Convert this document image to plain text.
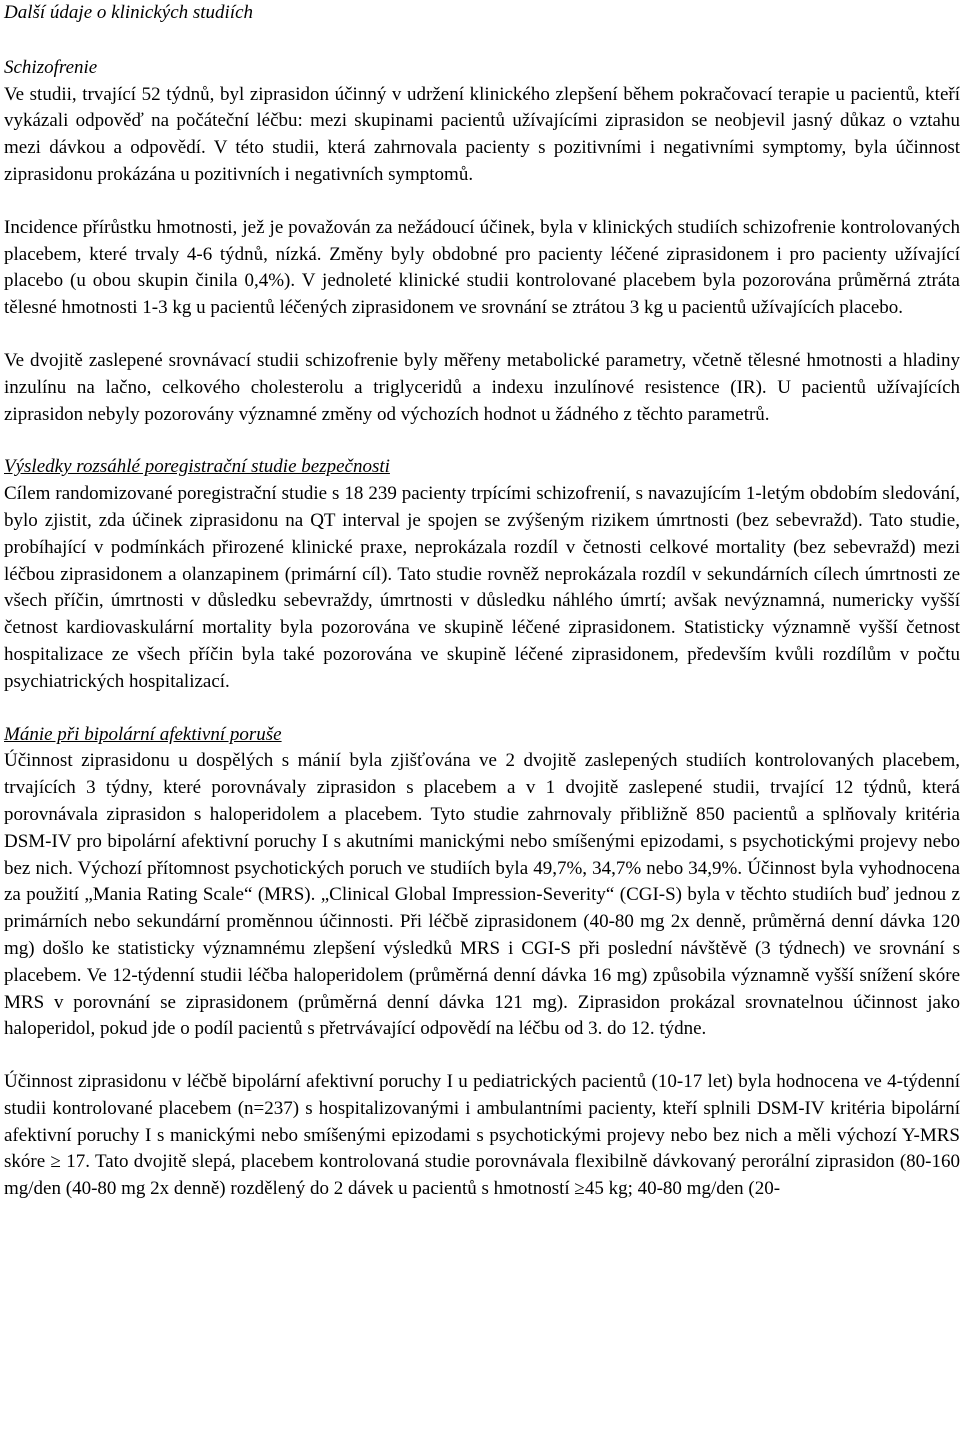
Další údaje o klinických studiích
Schizofrenie

Ve studii, trvající 52 týdnů, byl ziprasidon účinný v udržení klinického zlepšení během pokračovací terapie u pacientů, kteří vykázali odpověď na počáteční léčbu: mezi skupinami pacientů užívajícími ziprasidon se neobjevil jasný důkaz o vztahu mezi dávkou a odpovědí. V této studii, která zahrnovala pacienty s pozitivními i negativními symptomy, byla účinnost ziprasidonu prokázána u pozitivních i negativních symptomů.

Incidence přírůstku hmotnosti, jež je považován za nežádoucí účinek, byla v klinických studiích schizofrenie kontrolovaných placebem, které trvaly 4-6 týdnů, nízká. Změny byly obdobné pro pacienty léčené ziprasidonem i pro pacienty užívající placebo (u obou skupin činila 0,4%). V jednoleté klinické studii kontrolované placebem byla pozorována průměrná ztráta tělesné hmotnosti 1-3 kg u pacientů léčených ziprasidonem ve srovnání se ztrátou 3 kg u pacientů užívajících placebo.

Ve dvojitě zaslepené srovnávací studii schizofrenie byly měřeny metabolické parametry, včetně tělesné hmotnosti a hladiny inzulínu na lačno, celkového cholesterolu a triglyceridů a indexu inzulínové resistence (IR). U pacientů užívajících ziprasidon nebyly pozorovány významné změny od výchozích hodnot u žádného z těchto parametrů.

Výsledky rozsáhlé poregistrační studie bezpečnosti

Cílem randomizované poregistrační studie s 18 239 pacienty trpícími schizofrenií, s navazujícím 1-letým obdobím sledování, bylo zjistit, zda účinek ziprasidonu na QT interval je spojen se zvýšeným rizikem úmrtnosti (bez sebevražd). Tato studie, probíhající v podmínkách přirozené klinické praxe, neprokázala rozdíl v četnosti celkové mortality (bez sebevražd) mezi léčbou ziprasidonem a olanzapinem (primární cíl). Tato studie rovněž neprokázala rozdíl v sekundárních cílech úmrtnosti ze všech příčin, úmrtnosti v důsledku sebevraždy, úmrtnosti v důsledku náhlého úmrtí; avšak nevýznamná, numericky vyšší četnost kardiovaskulární mortality byla pozorována ve skupině léčené ziprasidonem. Statisticky významně vyšší četnost hospitalizace ze všech příčin byla také pozorována ve skupině léčené ziprasidonem, především kvůli rozdílům v počtu psychiatrických hospitalizací.

Mánie při bipolární afektivní poruše

Účinnost ziprasidonu u dospělých s mánií byla zjišťována ve 2 dvojitě zaslepených studiích kontrolovaných placebem, trvajících 3 týdny, které porovnávaly ziprasidon s placebem a v 1 dvojitě zaslepené studii, trvající 12 týdnů, která porovnávala ziprasidon s haloperidolem a placebem. Tyto studie zahrnovaly přibližně 850 pacientů a splňovaly kritéria DSM-IV pro bipolární afektivní poruchy I s akutními manickými nebo smíšenými epizodami, s psychotickými projevy nebo bez nich. Výchozí přítomnost psychotických poruch ve studiích byla 49,7%, 34,7% nebo 34,9%. Účinnost byla vyhodnocena za použití „Mania Rating Scale“ (MRS). „Clinical Global Impression-Severity“ (CGI-S) byla v těchto studiích buď jednou z primárních nebo sekundární proměnnou účinnosti. Při léčbě ziprasidonem (40-80 mg 2x denně, průměrná denní dávka 120 mg) došlo ke statisticky významnému zlepšení výsledků MRS i CGI-S při poslední návštěvě (3 týdnech) ve srovnání s placebem. Ve 12-týdenní studii léčba haloperidolem (průměrná denní dávka 16 mg) způsobila významně vyšší snížení skóre MRS v porovnání se ziprasidonem (průměrná denní dávka 121 mg). Ziprasidon prokázal srovnatelnou účinnost jako haloperidol, pokud jde o podíl pacientů s přetrvávající odpovědí na léčbu od 3. do 12. týdne.

Účinnost ziprasidonu v léčbě bipolární afektivní poruchy I u pediatrických pacientů (10-17 let) byla hodnocena ve 4-týdenní studii kontrolované placebem (n=237) s hospitalizovanými i ambulantními pacienty, kteří splnili DSM-IV kritéria bipolární afektivní poruchy I s manickými nebo smíšenými epizodami s psychotickými projevy nebo bez nich a měli výchozí Y-MRS skóre ≥ 17. Tato dvojitě slepá, placebem kontrolovaná studie porovnávala flexibilně dávkovaný perorální ziprasidon (80-160 mg/den (40-80 mg 2x denně) rozdělený do 2 dávek u pacientů s hmotností ≥45 kg; 40-80 mg/den (20-
